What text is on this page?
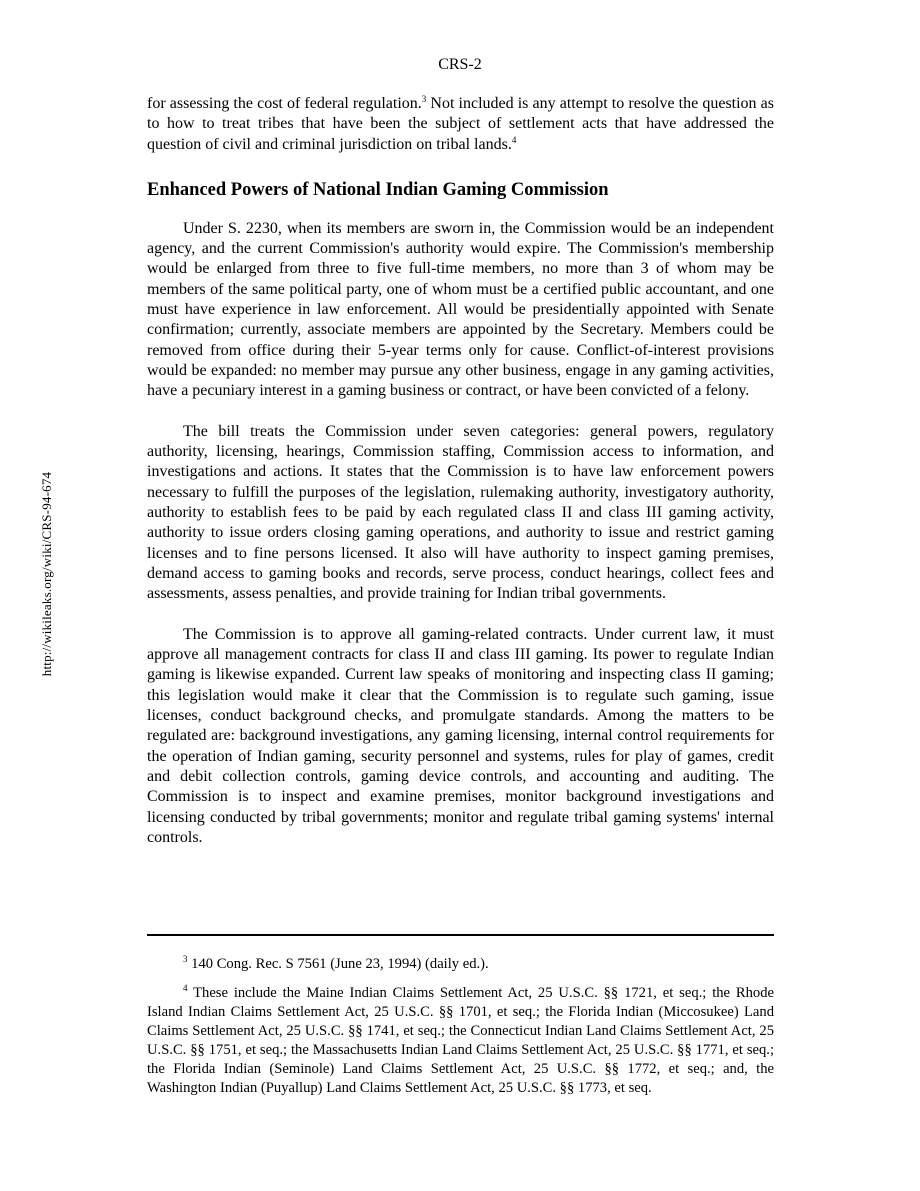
CRS-2
http://wikileaks.org/wiki/CRS-94-674

for assessing the cost of federal regulation.$^3$ Not included is any attempt to resolve the question as to how to treat tribes that have been the subject of settlement acts that have addressed the question of civil and criminal jurisdiction on tribal lands.$^4$

Enhanced Powers of National Indian Gaming Commission

Under S. 2230, when its members are sworn in, the Commission would be an independent agency, and the current Commission's authority would expire. The Commission's membership would be enlarged from three to five full-time members, no more than 3 of whom may be members of the same political party, one of whom must be a certified public accountant, and one must have experience in law enforcement. All would be presidentially appointed with Senate confirmation; currently, associate members are appointed by the Secretary. Members could be removed from office during their 5-year terms only for cause. Conflict-of-interest provisions would be expanded: no member may pursue any other business, engage in any gaming activities, have a pecuniary interest in a gaming business or contract, or have been convicted of a felony.

The bill treats the Commission under seven categories: general powers, regulatory authority, licensing, hearings, Commission staffing, Commission access to information, and investigations and actions. It states that the Commission is to have law enforcement powers necessary to fulfill the purposes of the legislation, rulemaking authority, investigatory authority, authority to establish fees to be paid by each regulated class II and class III gaming activity, authority to issue orders closing gaming operations, and authority to issue and restrict gaming licenses and to fine persons licensed. It also will have authority to inspect gaming premises, demand access to gaming books and records, serve process, conduct hearings, collect fees and assessments, assess penalties, and provide training for Indian tribal governments.

The Commission is to approve all gaming-related contracts. Under current law, it must approve all management contracts for class II and class III gaming. Its power to regulate Indian gaming is likewise expanded. Current law speaks of monitoring and inspecting class II gaming; this legislation would make it clear that the Commission is to regulate such gaming, issue licenses, conduct background checks, and promulgate standards. Among the matters to be regulated are: background investigations, any gaming licensing, internal control requirements for the operation of Indian gaming, security personnel and systems, rules for play of games, credit and debit collection controls, gaming device controls, and accounting and auditing. The Commission is to inspect and examine premises, monitor background investigations and licensing conducted by tribal governments; monitor and regulate tribal gaming systems' internal controls.

$^3$ 140 Cong. Rec. S 7561 (June 23, 1994) (daily ed.).

$^4$ These include the Maine Indian Claims Settlement Act, 25 U.S.C. §§ 1721, et seq.; the Rhode Island Indian Claims Settlement Act, 25 U.S.C. §§ 1701, et seq.; the Florida Indian (Miccosukee) Land Claims Settlement Act, 25 U.S.C. §§ 1741, et seq.; the Connecticut Indian Land Claims Settlement Act, 25 U.S.C. §§ 1751, et seq.; the Massachusetts Indian Land Claims Settlement Act, 25 U.S.C. §§ 1771, et seq.; the Florida Indian (Seminole) Land Claims Settlement Act, 25 U.S.C. §§ 1772, et seq.; and, the Washington Indian (Puyallup) Land Claims Settlement Act, 25 U.S.C. §§ 1773, et seq.
